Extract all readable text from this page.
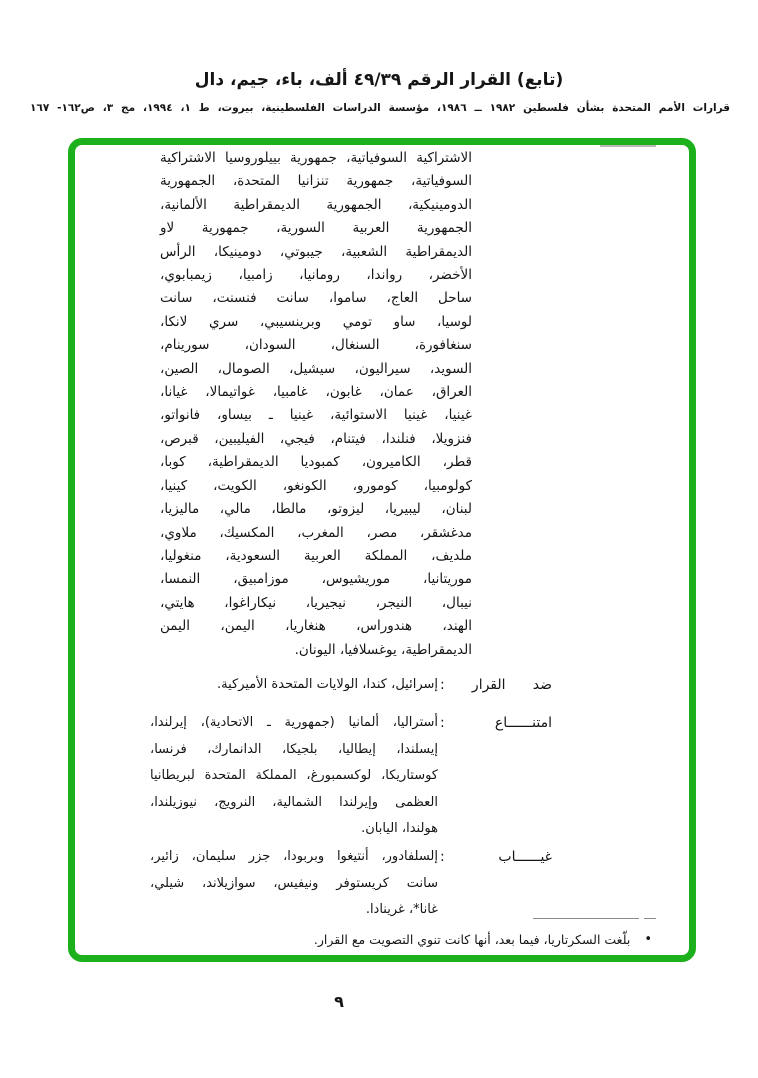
(تابع) القرار الرقم ٤٩/٣٩ ألف، باء، جيم، دال
قرارات الأمم المتحدة بشأن فلسطين ١٩٨٢ ــ ١٩٨٦، مؤسسة الدراسات الفلسطينية، بيروت، ط ١، ١٩٩٤، مج ٣، ص١٦٢- ١٦٧
الاشتراكية السوفياتية، جمهورية بييلوروسيا الاشتراكية
السوفياتية، جمهورية تنزانيا المتحدة، الجمهورية
الدومينيكية، الجمهورية الديمقراطية الألمانية،
الجمهورية العربية السورية، جمهورية لاو
الديمقراطية الشعبية، جيبوتي، دومينيكا، الرأس
الأخضر، رواندا، رومانيا، زامبيا، زيمبابوي،
ساحل العاج، ساموا، سانت فنسنت، سانت
لوسيا، ساو تومي وبرينسيبي، سري لانكا،
سنغافورة، السنغال، السودان، سورينام،
السويد، سيراليون، سيشيل، الصومال، الصين،
العراق، عمان، غابون، غامبيا، غواتيمالا، غيانا،
غينيا، غينيا الاستوائية، غينيا ـ بيساو، فانواتو،
فنزويلا، فنلندا، فيتنام، فيجي، الفيليبين، قبرص،
قطر، الكاميرون، كمبوديا الديمقراطية، كوبا،
كولومبيا، كومورو، الكونغو، الكويت، كينيا،
لبنان، ليبيريا، ليزوتو، مالطا، مالي، ماليزيا،
مدغشقر، مصر، المغرب، المكسيك، ملاوي،
ملديف، المملكة العربية السعودية، منغوليا،
موريتانيا، موريشيوس، موزامبيق، النمسا،
نيبال، النيجر، نيجيريا، نيكاراغوا، هايتي،
الهند، هندوراس، هنغاريا، اليمن، اليمن
الديمقراطية، يوغسلافيا، اليونان.
ضد القرار :
إسرائيل، كندا، الولايات المتحدة الأميركية.
امتنــــــاع :
أستراليا، ألمانيا (جمهورية ـ الاتحادية)، إيرلندا،
إيسلندا، إيطاليا، بلجيكا، الدانمارك، فرنسا،
كوستاريكا، لوكسمبورغ، المملكة المتحدة لبريطانيا
العظمى وإيرلندا الشمالية، النرويج، نيوزيلندا،
هولندا، اليابان.
غيــــــاب :
إلسلفادور، أنتيغوا وبربودا، جزر سليمان، زائير،
سانت كريستوفر ونيفيس، سوازيلاند، شيلي،
غانا*، غرينادا.
•
بلّغت السكرتاريا، فيما بعد، أنها كانت تنوي التصويت مع القرار.
٩
